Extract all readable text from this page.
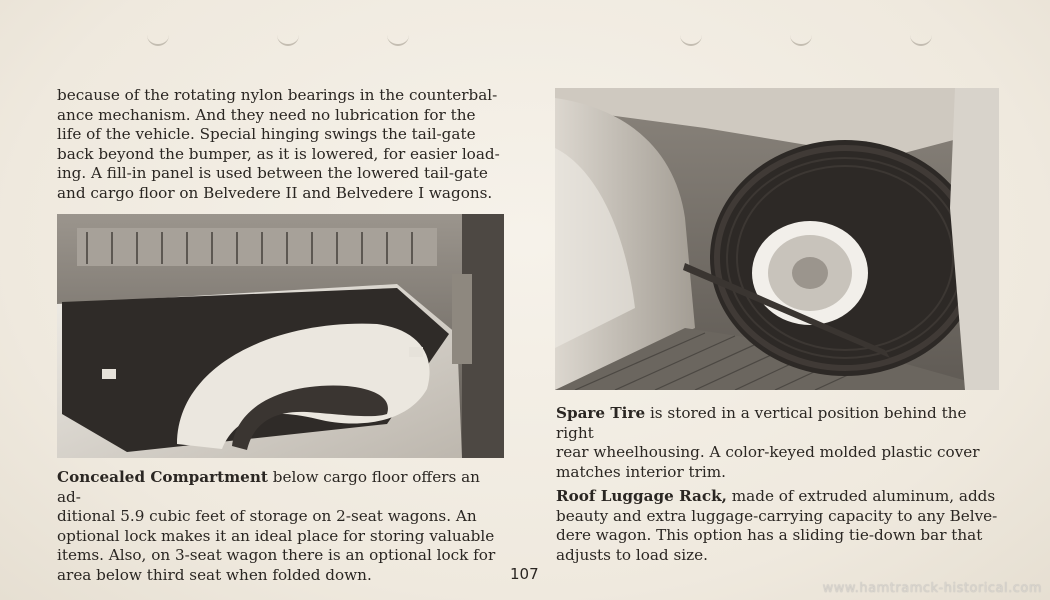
because of the rotating nylon bearings in the counterbal-
ance mechanism. And they need no lubrication for the
life of the vehicle. Special hinging swings the tail-gate
back beyond the bumper, as it is lowered, for easier load-
ing. A fill-in panel is used between the lowered tail-gate
and cargo floor on Belvedere II and Belvedere I wagons.

Concealed Compartment below cargo floor offers an ad-
ditional 5.9 cubic feet of storage on 2-seat wagons. An
optional lock makes it an ideal place for storing valuable
items. Also, on 3-seat wagon there is an optional lock for
area below third seat when folded down.

Spare Tire is stored in a vertical position behind the right
rear wheelhousing. A color-keyed molded plastic cover
matches interior trim.

Roof Luggage Rack, made of extruded aluminum, adds
beauty and extra luggage-carrying capacity to any Belve-
dere wagon. This option has a sliding tie-down bar that
adjusts to load size.

107
www.hamtramck-historical.com
